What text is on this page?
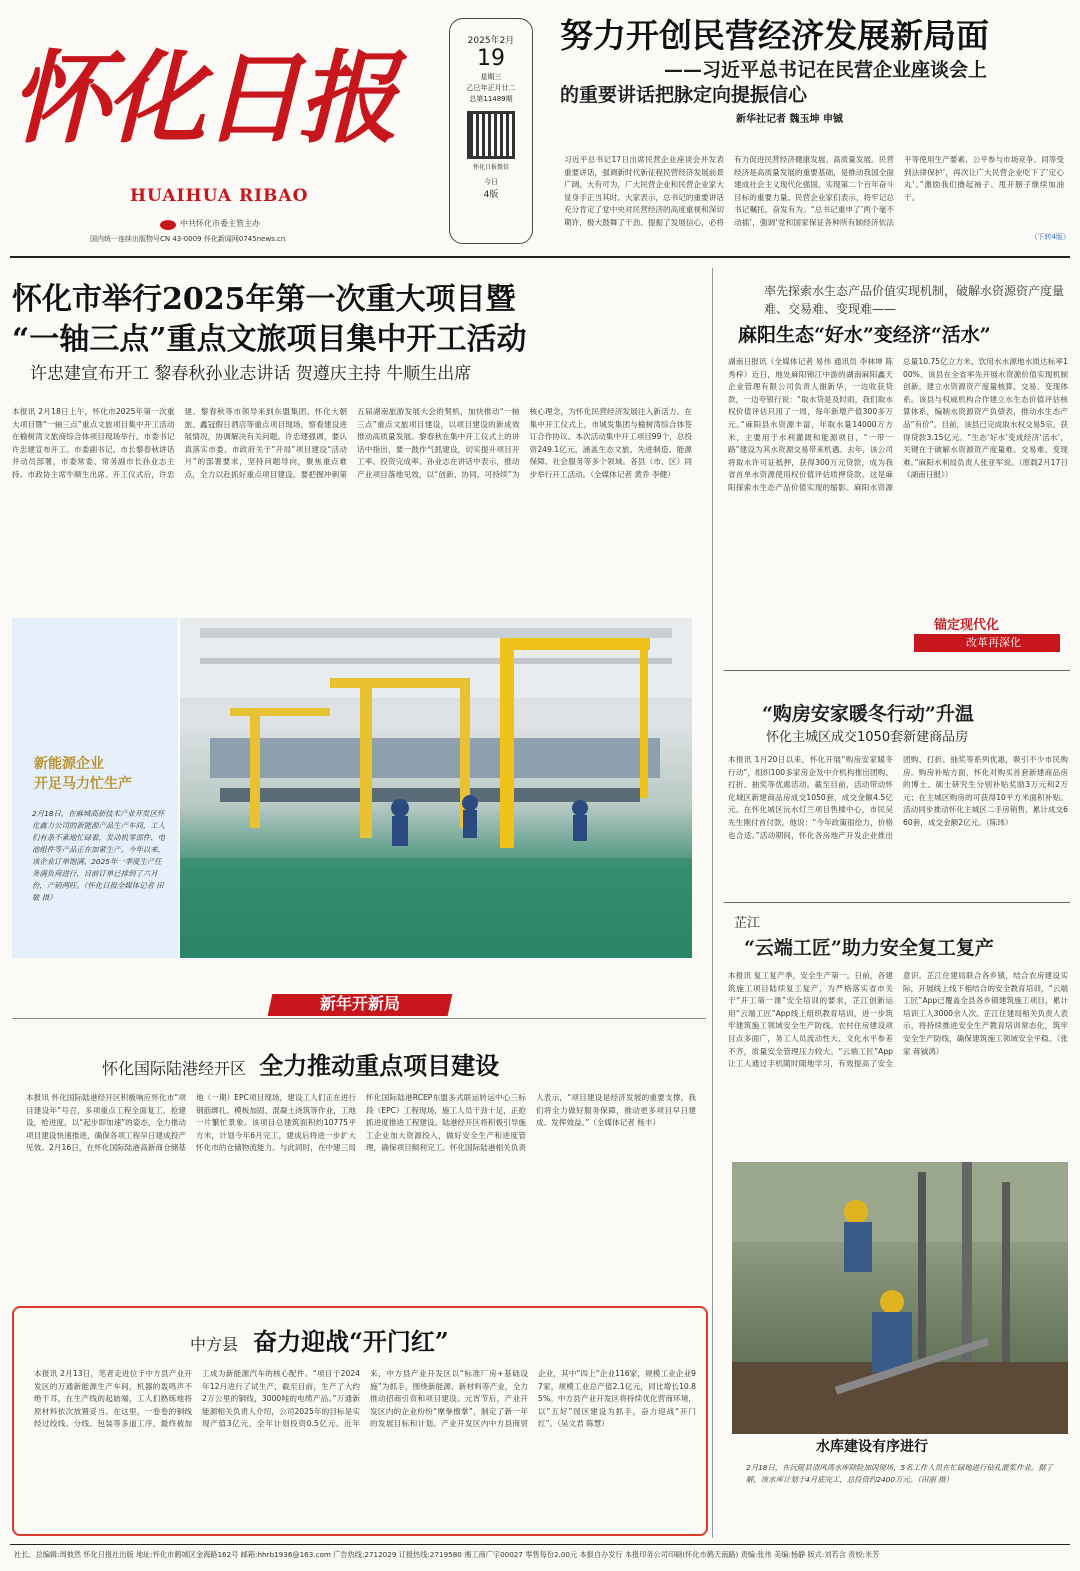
怀化日报
HUAIHUA RIBAO
中共怀化市委主管主办
国内统一连续出版物号CN 43-0009 怀化新闻网0745news.cn
2025年2月
19
星期三
乙巳年正月廿二
总第11489期
怀化日报微信
今日
4版
努力开创民营经济发展新局面
——习近平总书记在民营企业座谈会上
的重要讲话把脉定向提振信心
新华社记者 魏玉坤 申铖
习近平总书记17日出席民营企业座谈会并发表重要讲话，强调新时代新征程民营经济发展前景广阔、大有可为，广大民营企业和民营企业家大显身手正当其时。大家表示，总书记的重要讲话充分肯定了党中央对民营经济的高度重视和深切期许，极大鼓舞了干劲、提振了发展信心，必将有力促进民营经济健康发展、高质量发展。民营经济是高质量发展的重要基础，是推动我国全面建成社会主义现代化强国、实现第二个百年奋斗目标的重要力量。民营企业家们表示，将牢记总书记嘱托，奋发有为。“总书记重申了‘两个毫不动摇’，强调‘党和国家保证各种所有制经济依法平等使用生产要素、公平参与市场竞争、同等受到法律保护’，再次让广大民营企业吃下了‘定心丸’。”激励我们撸起袖子、甩开膀子继续加油干。
（下转4版）
怀化市举行2025年第一次重大项目暨
“一轴三点”重点文旅项目集中开工活动
许忠建宣布开工 黎春秋孙业志讲话 贺遵庆主持 牛顺生出席
本报讯 2月18日上午，怀化市2025年第一次重大项目暨“一轴三点”重点文旅项目集中开工活动在榆树湾文旅商综合体项目现场举行。市委书记许忠建宣布开工。市委副书记、市长黎春秋讲话并动员部署，市委常委、常务副市长孙业志主持。市政协主席牛顺生出席。开工仪式后，许忠建、黎春秋等市领导来到东盟集团、怀化大朝旅、鑫冠假日酒店等重点项目现场，察看建设进展情况，协调解决有关问题。许忠建强调，要认真落实市委、市政府关于“开局”项目建设“活动月”的部署要求，坚持问题导向，聚焦重点难点，全力以赴抓好重点项目建设。要把握冲刺第五届湖南旅游发展大会的契机，加快推动“一轴三点”重点文旅项目建设，以项目建设的新成效推动高质量发展。黎春秋在集中开工仪式上的讲话中指出，要一鼓作气抓建设，切实提升项目开工率、投资完成率。孙业志在讲话中表示，推动产业项目落地见效，以“创新、协同、可持续”为核心理念，为怀化民营经济发展注入新活力。在集中开工仪式上，市城发集团与榆树湾综合体签订合作协议。本次活动集中开工项目99个，总投资249.1亿元，涵盖生态文旅、先进制造、能源保障、社会服务等多个领域。各县（市、区）同步举行开工活动。（全媒体记者 黄乔 李健）
率先探索水生态产品价值实现机制，破解水资源资产度量难、交易难、变现难——
麻阳生态“好水”变经济“活水”
湖南日报讯（全媒体记者 易伟 通讯员 李林坤 陈秀梓）近日，地处麻阳锦江中游的湖南麻阳鑫天企业管理有限公司负责人谢新华，一边收获贷款，一边夸银行说：“取水贷是及时雨，我们取水权价值评估只用了一周，每年新增产值300多万元。”麻阳县水资源丰富，年取水量14000万方米，主要用于水利灌溉和能源项目，“一带一路”建设为其水资源交易带来机遇。去年，该公司将取水许可证抵押，获得300万元贷款，成为我省首单水资源使用权价值评估质押贷款。这是麻阳探索水生态产品价值实现的缩影。麻阳水资源总量10.75亿立方米，饮用水水源地水质达标率100%。该县在全省率先开展水资源价值实现机制创新，建立水资源资产度量核算、交易、变现体系。该县与权威机构合作建立水生态价值评估核算体系，编制水资源资产负债表，推动水生态产品“有价”。目前，该县已完成取水权交易5宗，获得贷款3.15亿元。“生态‘好水’变成经济‘活水’，关键在于破解水资源资产度量难、交易难、变现难。”麻阳水利局负责人张亚军说。（原载2月17日《湖南日报》）
锚定现代化
改革再深化
新能源企业
开足马力忙生产
2月18日，在麻城高新技术产业开发区怀化鑫力公司的新能源产品生产车间，工人们有条不紊地忙碌着，发动机零部件、电池组件等产品正在加紧生产。今年以来，该企业订单饱满，2025年一季度生产任务满负荷进行，目前订单已排到了六月份，产销两旺。（怀化日报全媒体记者 田敏 摄）
“购房安家暖冬行动”升温
怀化主城区成交1050套新建商品房
本报讯 1月20日以来，怀化开展“购房安家暖冬行动”，组织100多家房企及中介机构推出团购、打折、抽奖等优惠活动。截至目前，活动带动怀化城区新建商品房成交1050套，成交金额4.5亿元。在怀化城区沅水灯兰项目售楼中心，市民吴先生刚付首付款，他说：“今年政策很给力，价格也合适。”活动期间，怀化各房地产开发企业推出团购、打折、抽奖等系列优惠，吸引不少市民购房。购房补贴方面，怀化对购买首套新建商品房的博士、硕士研究生分别补贴奖励3万元和2万元；在主城区购房的可获得10平方米面积补贴。活动同步推动怀化主城区二手房销售，累计成交660套，成交金额2亿元。（陈玮）
新年开新局
怀化国际陆港经开区 全力推动重点项目建设
本报讯 怀化国际陆港经开区积极响应怀化市“项目建设年”号召，多项重点工程全面复工，抢建设，抢进度，以“起步即加速”的姿态，全力推动项目建设快速推进，确保各项工程早日建成投产见效。2月16日，在怀化国际陆港高新商仓储基地（一期）EPC项目现场，建设工人们正在进行钢筋绑扎、模板加固、混凝土浇筑等作业，工地一片繁忙景象。该项目总建筑面积约10775平方米，计划今年6月完工，建成后将进一步扩大怀化市的仓储物流能力。与此同时，在中建三局怀化国际陆港RCEP东盟多式联运转运中心三标段（EPC）工程现场，施工人员干劲十足，正抢抓进度推进工程建设。陆港经开区将积极引导施工企业加大资源投入，做好安全生产和进度管理，确保项目顺利完工。怀化国际陆港相关负责人表示，“项目建设是经济发展的重要支撑，我们将全力做好服务保障，推动更多项目早日建成、发挥效益。”（全媒体记者 杨丰）
芷江
“云端工匠”助力安全复工复产
本报讯 复工复产季，安全生产第一。日前，各建筑施工项目陆续复工复产，为严格落实省市关于“开工第一课”安全培训的要求，芷江创新运用“云端工匠”App线上组织教育培训，进一步筑牢建筑施工领域安全生产防线。农村住房建设项目点多面广，务工人员流动性大、文化水平参差不齐，质量安全管理压力较大。“云端工匠”App让工人通过手机随时随地学习，有效提高了安全意识。芷江住建局联合各乡镇，结合农房建设实际，开展线上线下相结合的安全教育培训，“云端工匠”App已覆盖全县各乡镇建筑施工项目，累计培训工人3000余人次。芷江住建局相关负责人表示，将持续推进安全生产教育培训常态化，筑牢安全生产防线，确保建筑施工领域安全平稳。（张家 蒋铖鸿）
水库建设有序进行
2月18日，在沅陵县清风湾水库除险加固现场，5名工作人员在忙碌地进行钻孔灌浆作业。据了解，该水库计划于4月底完工，总投资约2400万元。（田丽 摄）
中方县 奋力迎战“开门红”
本报讯 2月13日，笔者走进位于中方县产业开发区的万通新能源生产车间，机器的轰鸣声不绝于耳，在生产线的起始端，工人们熟练地将原材料依次放置妥当。在这里，一卷卷的铜线经过绞线、分线、包装等多道工序，最终被加工成为新能源汽车的核心配件。“项目于2024年12月进行了试生产，截至目前，生产了大约2万公里的铜线，3000吨的电缆产品。”万通新能源相关负责人介绍，公司2025年的目标是实现产值3亿元，全年计划投资0.5亿元。近年来，中方县产业开发区以“标准厂房+基础设施”为抓手，围绕新能源、新材料等产业，全力推动招商引资和项目建设。元宵节后，产业开发区内的企业纷纷“摩拳擦掌”，制定了新一年的发展目标和计划。产业开发区内中方县商贸企业，其中“四上”企业116家，规模工业企业97家，规模工业总产值2.1亿元，同比增长10.85%。中方县产业开发区将持续优化营商环境，以“五好”园区建设为抓手，奋力迎战“开门红”。（吴文君 陈慧）
社长、总编辑:周彼然 怀化日报社出版 地址:怀化市鹤城区金海路162号 邮箱:hhrb1936@163.com 广告热线:2712029 订报热线:2719580 湘工商广字00027 零售每份2.00元 本报自办发行 本报印务公司印刷(怀化市鹤天南路) 责编:张伟 美编:杨静 版式:刘若含 责校:米芳
